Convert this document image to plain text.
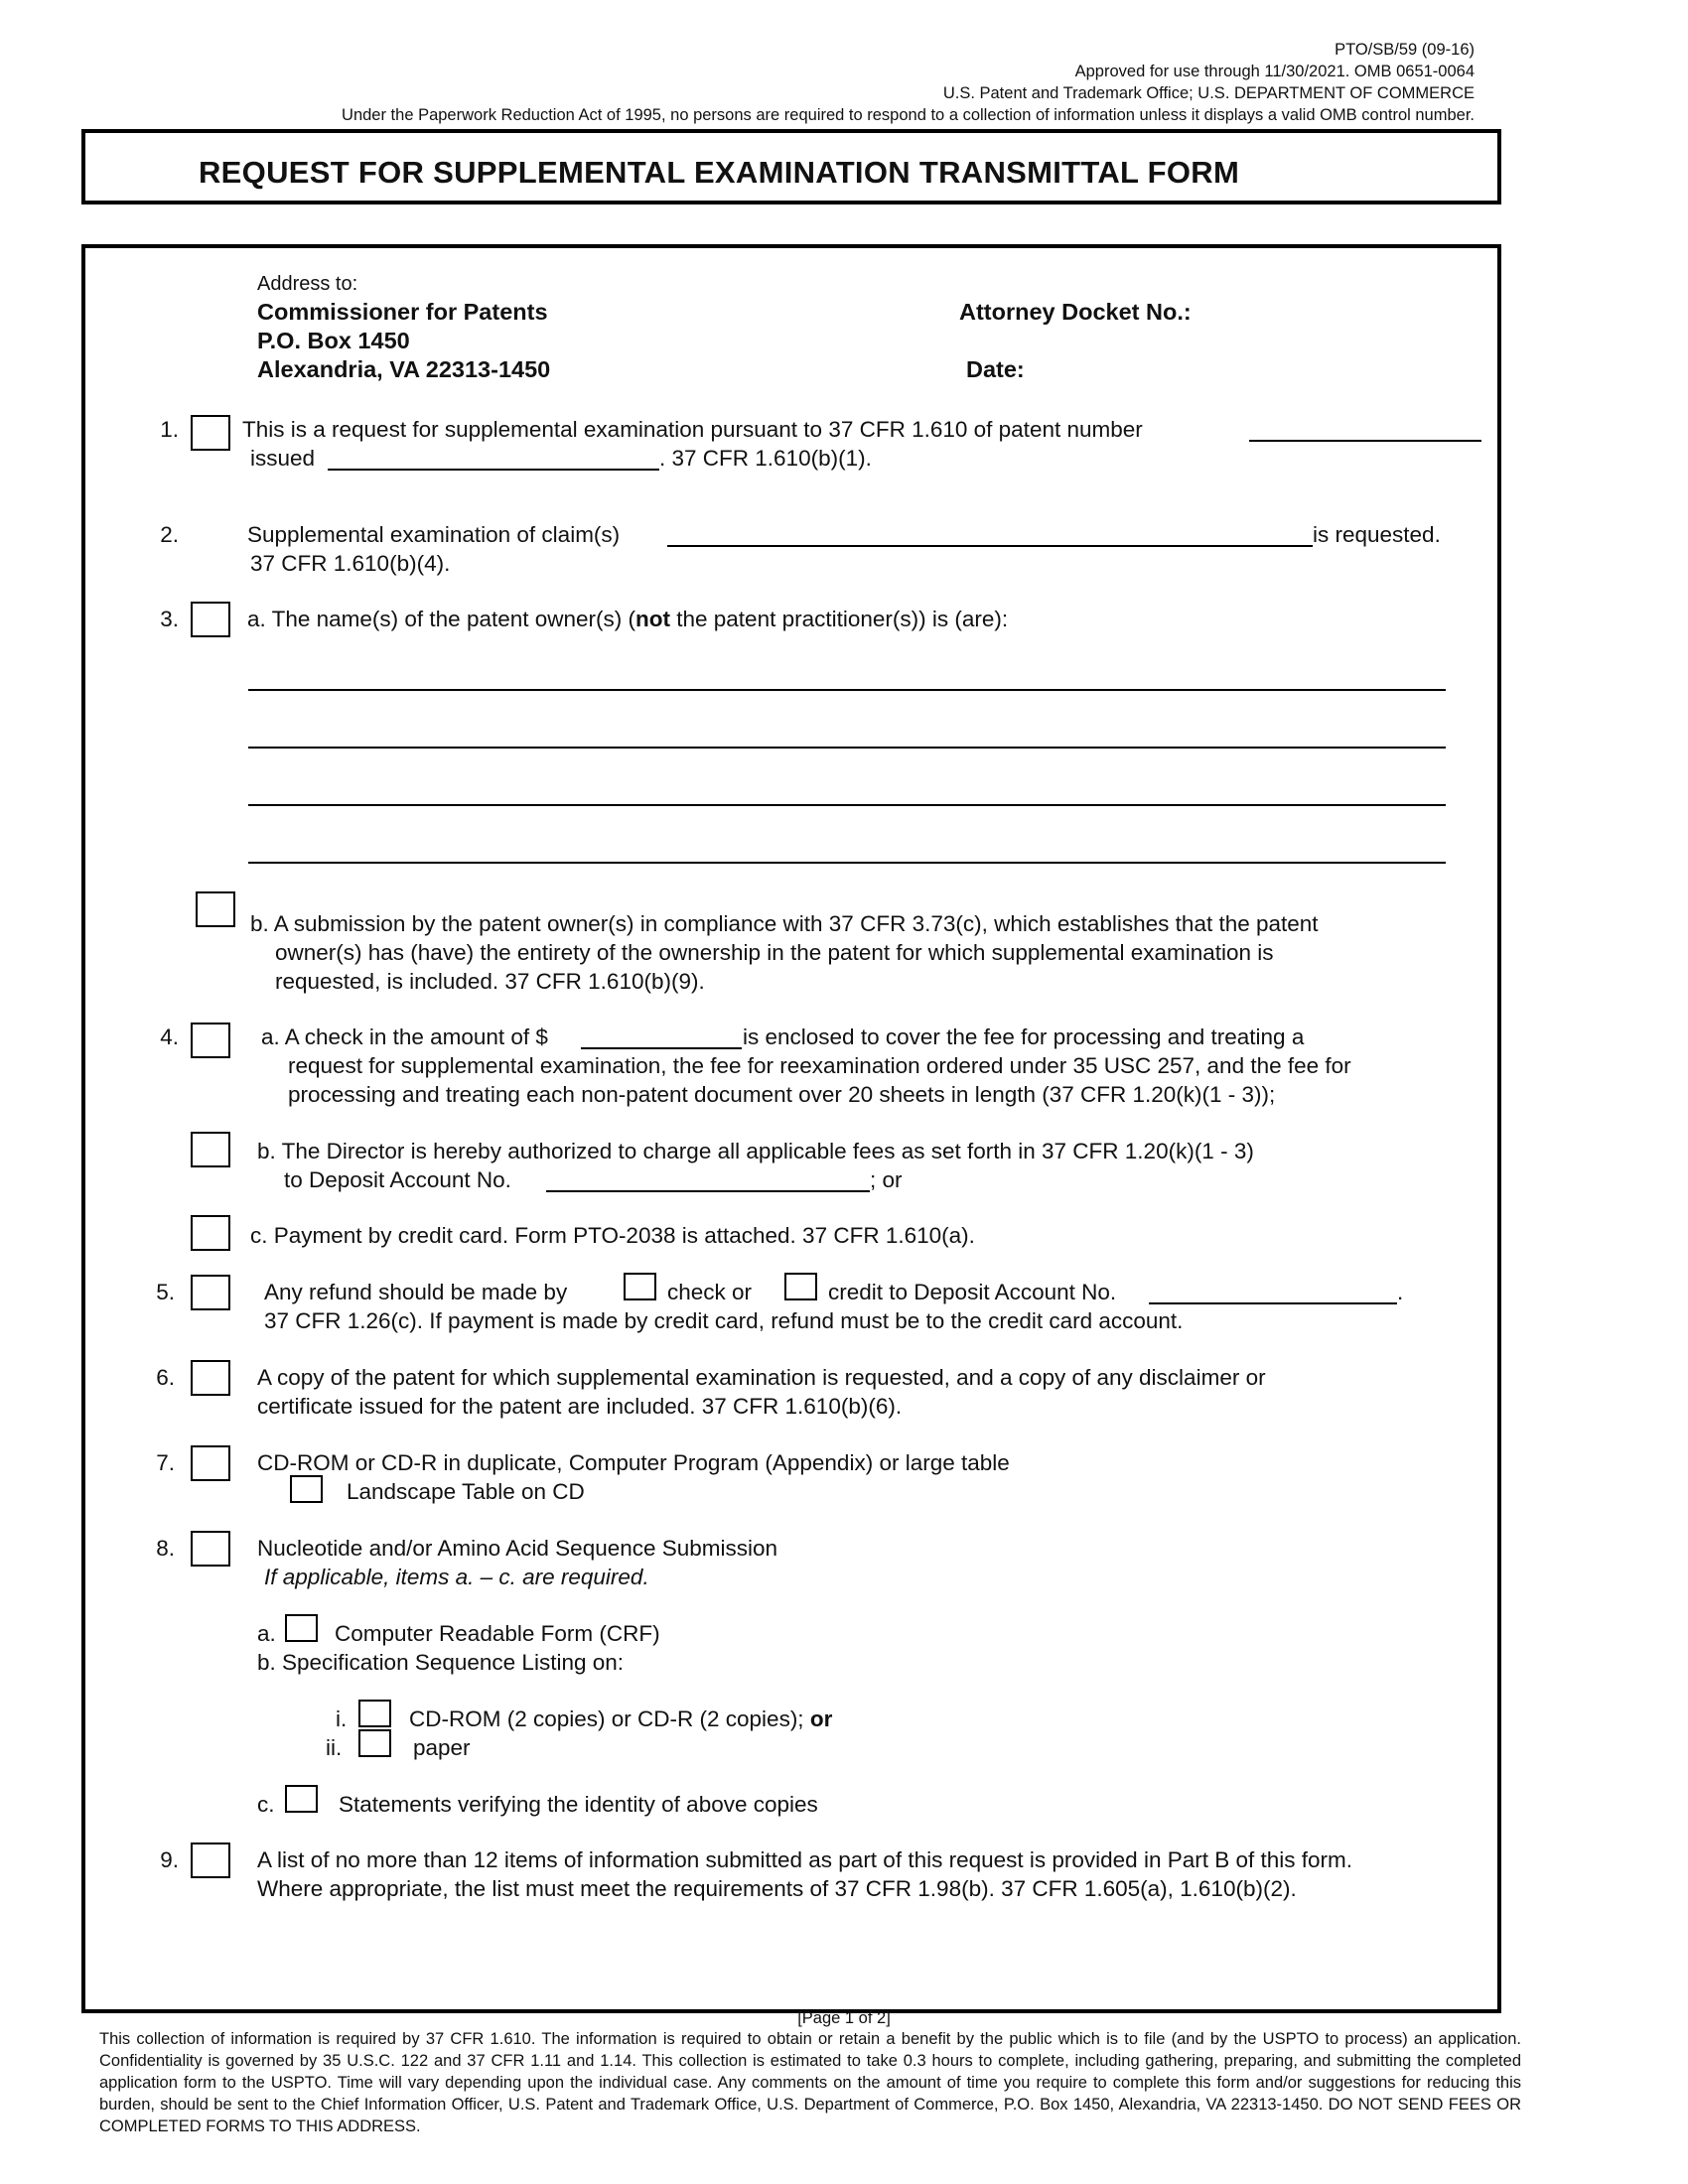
PTO/SB/59 (09-16)
Approved for use through 11/30/2021. OMB 0651-0064
U.S. Patent and Trademark Office; U.S. DEPARTMENT OF COMMERCE
Under the Paperwork Reduction Act of 1995, no persons are required to respond to a collection of information unless it displays a valid OMB control number.
REQUEST FOR SUPPLEMENTAL EXAMINATION TRANSMITTAL FORM
Address to:
Commissioner for Patents
P.O. Box 1450
Alexandria, VA 22313-1450
Attorney Docket No.:
Date:
1.	This is a request for supplemental examination pursuant to 37 CFR 1.610 of patent number
issued	. 37 CFR 1.610(b)(1).
2.	Supplemental examination of claim(s)	is requested.
37 CFR 1.610(b)(4).
3.	a. The name(s) of the patent owner(s) (not the patent practitioner(s)) is (are):
b. A submission by the patent owner(s) in compliance with 37 CFR 3.73(c), which establishes that the patent
owner(s) has (have) the entirety of the ownership in the patent for which supplemental examination is
requested, is included. 37 CFR 1.610(b)(9).
4.	a. A check in the amount of $	is enclosed to cover the fee for processing and treating a
request for supplemental examination, the fee for reexamination ordered under 35 USC 257, and the fee for
processing and treating each non-patent document over 20 sheets in length (37 CFR 1.20(k)(1 - 3));
b. The Director is hereby authorized to charge all applicable fees as set forth in 37 CFR 1.20(k)(1 - 3)
to Deposit Account No.	; or
c. Payment by credit card. Form PTO-2038 is attached. 37 CFR 1.610(a).
5.	Any refund should be made by	check or	credit to Deposit Account No.	.
37 CFR 1.26(c). If payment is made by credit card, refund must be to the credit card account.
6.	A copy of the patent for which supplemental examination is requested, and a copy of any disclaimer or
certificate issued for the patent are included. 37 CFR 1.610(b)(6).
7.	CD-ROM or CD-R in duplicate, Computer Program (Appendix) or large table
Landscape Table on CD
8.	Nucleotide and/or Amino Acid Sequence Submission
If applicable, items a. – c. are required.
a.	Computer Readable Form (CRF)
b. Specification Sequence Listing on:
i.	CD-ROM (2 copies) or CD-R (2 copies); or
ii.	paper
c.	Statements verifying the identity of above copies
9.	A list of no more than 12 items of information submitted as part of this request is provided in Part B of this form.
Where appropriate, the list must meet the requirements of 37 CFR 1.98(b). 37 CFR 1.605(a), 1.610(b)(2).
[Page 1 of 2]
This collection of information is required by 37 CFR 1.610. The information is required to obtain or retain a benefit by the public which is to file (and by the USPTO to process) an application. Confidentiality is governed by 35 U.S.C. 122 and 37 CFR 1.11 and 1.14. This collection is estimated to take 0.3 hours to complete, including gathering, preparing, and submitting the completed application form to the USPTO. Time will vary depending upon the individual case. Any comments on the amount of time you require to complete this form and/or suggestions for reducing this burden, should be sent to the Chief Information Officer, U.S. Patent and Trademark Office, U.S. Department of Commerce, P.O. Box 1450, Alexandria, VA 22313-1450. DO NOT SEND FEES OR COMPLETED FORMS TO THIS ADDRESS.
